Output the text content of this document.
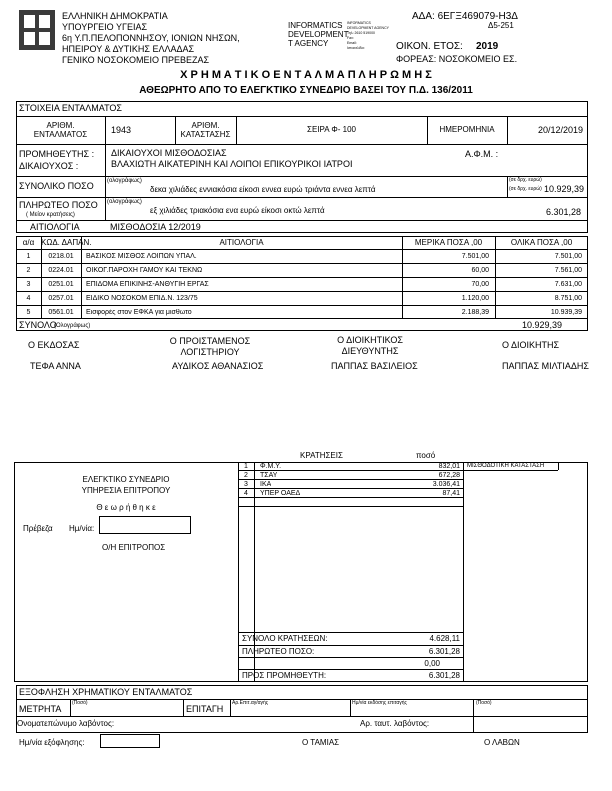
ΕΛΛΗΝΙΚΗ ΔΗΜΟΚΡΑΤΙΑ
ΥΠΟΥΡΓΕΙΟ ΥΓΕΙΑΣ
6η Υ.Π.ΠΕΛΟΠΟΝΝΗΣΟΥ, ΙΟΝΙΩΝ ΝΗΣΩΝ,
ΗΠΕΙΡΟΥ & ΔΥΤΙΚΗΣ ΕΛΛΑΔΑΣ
ΓΕΝΙΚΟ ΝΟΣΟΚΟΜΕΙΟ ΠΡΕΒΕΖΑΣ
INFORMATICS
DEVELOPMENT
T AGENCY
INFORMATICS
DEVELOPMENT AGENCY
Τηλ: 2610 519000
Fax:
Email:
Ιστοσελίδα:
ΑΔΑ: 6ΕΓΞ469079-Η3Δ
Δ5-251
ΟΙΚΟΝ. ΕΤΟΣ: 2019
ΦΟΡΕΑΣ: ΝΟΣΟΚΟΜΕΙΟ ΕΣ.
Χ Ρ Η Μ Α Τ Ι Κ Ο Ε Ν Τ Α Λ Μ Α Π Λ Η Ρ Ω Μ Η Σ
ΑΘΕΩΡΗΤΟ ΑΠΟ ΤΟ ΕΛΕΓΚΤΙΚΟ ΣΥΝΕΔΡΙΟ ΒΑΣΕΙ ΤΟΥ Π.Δ. 136/2011
ΣΤΟΙΧΕΙΑ ΕΝΤΑΛΜΑΤΟΣ
ΑΡΙΘΜ.
ΕΝΤΑΛΜΑΤΟΣ	1943	ΑΡΙΘΜ.
ΚΑΤΑΣΤΑΣΗΣ
ΣΕΙΡΑ Φ- 100	ΗΜΕΡΟΜΗΝΙΑ	20/12/2019
ΠΡΟΜΗΘΕΥΤΗΣ :
ΔΙΚΑΙΟΥΧΟΣ :
ΔΙΚΑΙΟΥΧΟΙ ΜΙΣΘΟΔΟΣΙΑΣ
ΒΛΑΧΙΩΤΗ ΑΙΚΑΤΕΡΙΝΗ ΚΑΙ ΛΟΙΠΟΙ ΕΠΙΚΟΥΡΙΚΟΙ ΙΑΤΡΟΙ
Α.Φ.Μ. :
ΣΥΝΟΛΙΚΟ ΠΟΣΟ (ολογράφως)
δεκα χιλιάδες εννιακόσια είκοσι εννεα ευρώ τριάντα εννεα λεπτά
(σε δρχ. ευρώ)
(σε δρχ. ευρώ) 10.929,39
ΠΛΗΡΩΤΕΟ ΠΟΣΟ
( Μείον κρατήσεις)
(ολογράφως)
εξ χιλιάδες τριακόσια ενα ευρώ είκοσι οκτώ λεπτά	6.301,28
ΑΙΤΙΟΛΟΓΙΑ	ΜΙΣΘΟΔΟΣΙΑ 12/2019
α/α ΚΩΔ. ΔΑΠΑΝ.	ΑΙΤΙΟΛΟΓΙΑ	ΜΕΡΙΚΑ ΠΟΣΑ ,00	ΟΛΙΚΑ ΠΟΣΑ ,00
1	0218.01	ΒΑΣΙΚΟΣ ΜΙΣΘΟΣ ΛΟΙΠΩΝ ΥΠΑΛ.	7.501,00	7.501,00
2	0224.01	ΟΙΚΟΓ.ΠΑΡΟΧΗ ΓΑΜΟΥ ΚΑΙ ΤΕΚΝΩ	60,00	7.561,00
3	0251.01	ΕΠΙΔΟΜΑ ΕΠΙΚΙΝΗΣ-ΑΝΘΥΓΙΗ ΕΡΓΑΣ	70,00	7.631,00
4	0257.01	ΕΙΔΙΚΟ ΝΟΣΟΚΟΜ ΕΠΙΔ.Ν. 123/75	1.120,00	8.751,00
5	0561.01	Εισφορές στον ΕΦΚΑ για μισθωτο	2.188,39	10.939,39
ΣΥΝΟΛΟ
(Ολογράφως)	10.929,39
Ο ΕΚΔΟΣΑΣ	Ο ΠΡΟΙΣΤΑΜΕΝΟΣ
ΛΟΓΙΣΤΗΡΙΟΥ
Ο ΔΙΟΙΚΗΤΙΚΟΣ
ΔΙΕΥΘΥΝΤΗΣ
Ο ΔΙΟΙΚΗΤΗΣ
ΤΕΦΑ ΑΝΝΑ	ΑΥΔΙΚΟΣ ΑΘΑΝΑΣΙΟΣ	ΠΑΠΠΑΣ ΒΑΣΙΛΕΙΟΣ	ΠΑΠΠΑΣ ΜΙΛΤΙΑΔΗΣ
ΚΡΑΤΗΣΕΙΣ	ποσό
ΕΛΕΓΚΤΙΚΟ ΣΥΝΕΔΡΙΟ
ΥΠΗΡΕΣΙΑ ΕΠΙΤΡΟΠΟΥ
Θ ε ω ρ ή θ η κ ε
Πρέβεζα Ημ/νία:
Ο/Η ΕΠΙΤΡΟΠΟΣ
1	Φ.Μ.Υ.	832,01 ΜΙΣΘΟΔΟΤΙΚΗ ΚΑΤΑΣΤΑΣΗ
2	ΤΣΑΥ	672,28
3	ΙΚΑ	3.036,41
4	ΥΠΕΡ ΟΑΕΔ	87,41
ΣΥΝΟΛΟ ΚΡΑΤΗΣΕΩΝ:	4.628,11
ΠΛΗΡΩΤΕΟ ΠΟΣΟ:	6.301,28
0,00
ΠΡΟΣ ΠΡΟΜΗΘΕΥΤΗ:	6.301,28
ΕΞΟΦΛΗΣΗ ΧΡΗΜΑΤΙΚΟΥ ΕΝΤΑΛΜΑΤΟΣ
ΜΕΤΡΗΤΑ
(Ποσό)
ΕΠΙΤΑΓΗ
Αρ.Επιτ.αγ/αγής	Ημ/νία εκδόσης επιταγής	(Ποσό)
Ονοματεπώνυμο λαβόντος:	Αρ. ταυτ. λαβόντος:
Ημ/νία εξόφλησης:	Ο ΤΑΜΙΑΣ	Ο ΛΑΒΩΝ
